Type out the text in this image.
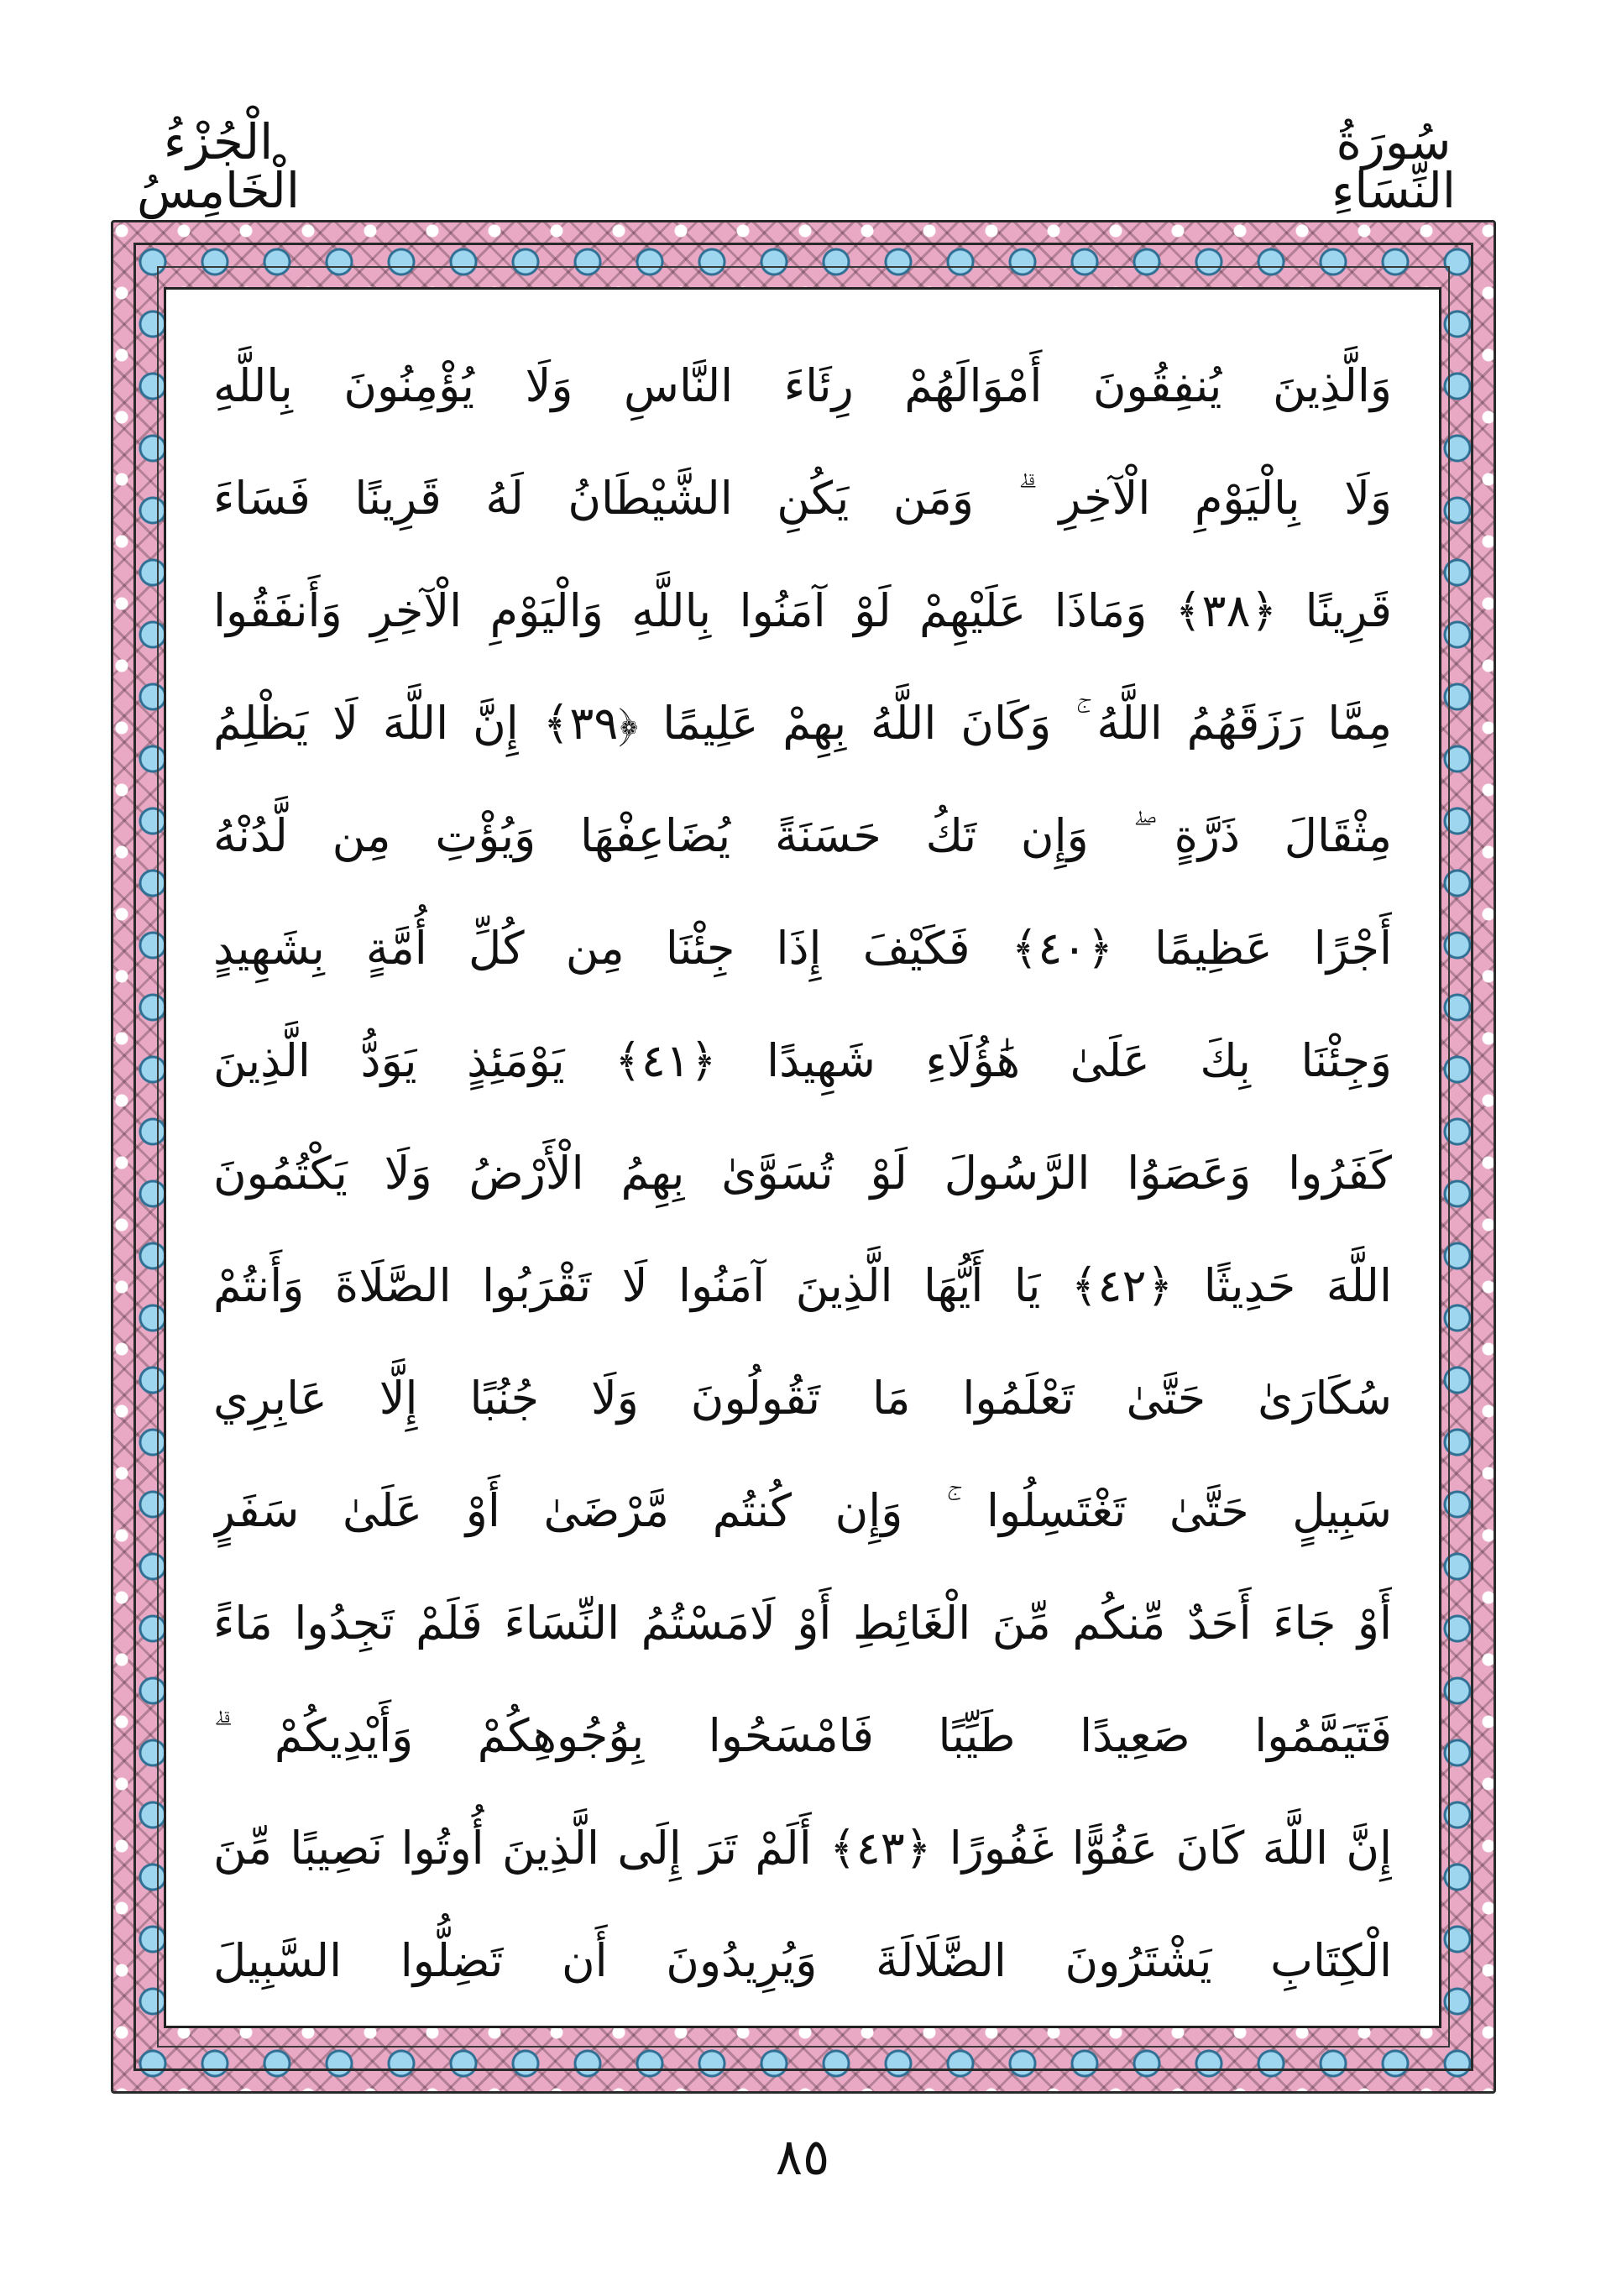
سُورَةُ النِّسَاءِ
الْجُزْءُ الْخَامِسُ
وَالَّذِينَ يُنفِقُونَ أَمْوَالَهُمْ رِئَاءَ النَّاسِ وَلَا يُؤْمِنُونَ بِاللَّهِ
وَلَا بِالْيَوْمِ الْآخِرِ ۗ وَمَن يَكُنِ الشَّيْطَانُ لَهُ قَرِينًا فَسَاءَ
قَرِينًا ﴿٣٨﴾ وَمَاذَا عَلَيْهِمْ لَوْ آمَنُوا بِاللَّهِ وَالْيَوْمِ الْآخِرِ وَأَنفَقُوا
مِمَّا رَزَقَهُمُ اللَّهُ ۚ وَكَانَ اللَّهُ بِهِمْ عَلِيمًا ﴿٣٩﴾ إِنَّ اللَّهَ لَا يَظْلِمُ
مِثْقَالَ ذَرَّةٍ ۖ وَإِن تَكُ حَسَنَةً يُضَاعِفْهَا وَيُؤْتِ مِن لَّدُنْهُ
أَجْرًا عَظِيمًا ﴿٤٠﴾ فَكَيْفَ إِذَا جِئْنَا مِن كُلِّ أُمَّةٍ بِشَهِيدٍ
وَجِئْنَا بِكَ عَلَىٰ هَٰؤُلَاءِ شَهِيدًا ﴿٤١﴾ يَوْمَئِذٍ يَوَدُّ الَّذِينَ
كَفَرُوا وَعَصَوُا الرَّسُولَ لَوْ تُسَوَّىٰ بِهِمُ الْأَرْضُ وَلَا يَكْتُمُونَ
اللَّهَ حَدِيثًا ﴿٤٢﴾ يَا أَيُّهَا الَّذِينَ آمَنُوا لَا تَقْرَبُوا الصَّلَاةَ وَأَنتُمْ
سُكَارَىٰ حَتَّىٰ تَعْلَمُوا مَا تَقُولُونَ وَلَا جُنُبًا إِلَّا عَابِرِي
سَبِيلٍ حَتَّىٰ تَغْتَسِلُوا ۚ وَإِن كُنتُم مَّرْضَىٰ أَوْ عَلَىٰ سَفَرٍ
أَوْ جَاءَ أَحَدٌ مِّنكُم مِّنَ الْغَائِطِ أَوْ لَامَسْتُمُ النِّسَاءَ فَلَمْ تَجِدُوا مَاءً
فَتَيَمَّمُوا صَعِيدًا طَيِّبًا فَامْسَحُوا بِوُجُوهِكُمْ وَأَيْدِيكُمْ ۗ
إِنَّ اللَّهَ كَانَ عَفُوًّا غَفُورًا ﴿٤٣﴾ أَلَمْ تَرَ إِلَى الَّذِينَ أُوتُوا نَصِيبًا مِّنَ
الْكِتَابِ يَشْتَرُونَ الضَّلَالَةَ وَيُرِيدُونَ أَن تَضِلُّوا السَّبِيلَ
٨٥
